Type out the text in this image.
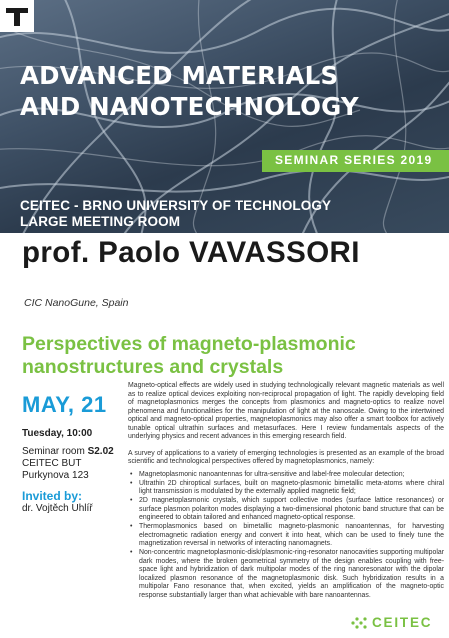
ADVANCED MATERIALS
AND NANOTECHNOLOGY
SEMINAR SERIES 2019
CEITEC - BRNO UNIVERSITY OF TECHNOLOGY
LARGE MEETING ROOM
prof. Paolo VAVASSORI
CIC NanoGune, Spain
Perspectives of magneto-plasmonic
nanostructures and crystals
MAY, 21
Tuesday, 10:00
Seminar room S2.02
CEITEC BUT
Purkynova 123
Invited by:
dr. Vojtěch Uhlíř

Magneto-optical effects are widely used in studying technologically relevant magnetic materials as well as to realize optical devices exploiting non-reciprocal propagation of light. The rapidly developing field of magnetoplasmonics merges the concepts from plasmonics and magneto-optics to realize novel phenomena and functionalities for the manipulation of light at the nanoscale. Owing to the intertwined optical and magneto-optical properties, magnetoplasmonics may also offer a smart toolbox for actively tunable optical ultrathin surfaces and metasurfaces. Here I review fundamentals aspects of the underlying physics and recent advances in this emerging research field.

A survey of applications to a variety of emerging technologies is presented as an example of the broad scientific and technological perspectives offered by magnetoplasmonics, namely:

• Magnetoplasmonic nanoantennas for ultra-sensitive and label-free molecular detection;
• Ultrathin 2D chiroptical surfaces, built on magneto-plasmonic bimetallic meta-atoms where chiral light transmission is modulated by the externally applied magnetic field;
• 2D magnetoplasmonic crystals, which support collective modes (surface lattice resonances) or surface plasmon polariton modes displaying a two-dimensional photonic band structure that can be engineered to obtain tailored and enhanced magneto-optical response.
• Thermoplasmonics based on bimetallic magneto-plasmonic nanoantennas, for harvesting electromagnetic radiation energy and convert it into heat, which can be used to finely tune the magnetization reversal in networks of interacting nanomagnets.
• Non-concentric magnetoplasmonic-disk/plasmonic-ring-resonator nanocavities supporting multipolar dark modes, where the broken geometrical symmetry of the design enables coupling with free-space light and hybridization of dark multipolar modes of the ring nanoresonator with the dipolar localized plasmon resonance of the magnetoplasmonic disk. Such hybridization results in a multipolar Fano resonance that, when excited, yields an amplification of the magneto-optic response substantially larger than what achievable with bare nanoantennas.
CEITEC
